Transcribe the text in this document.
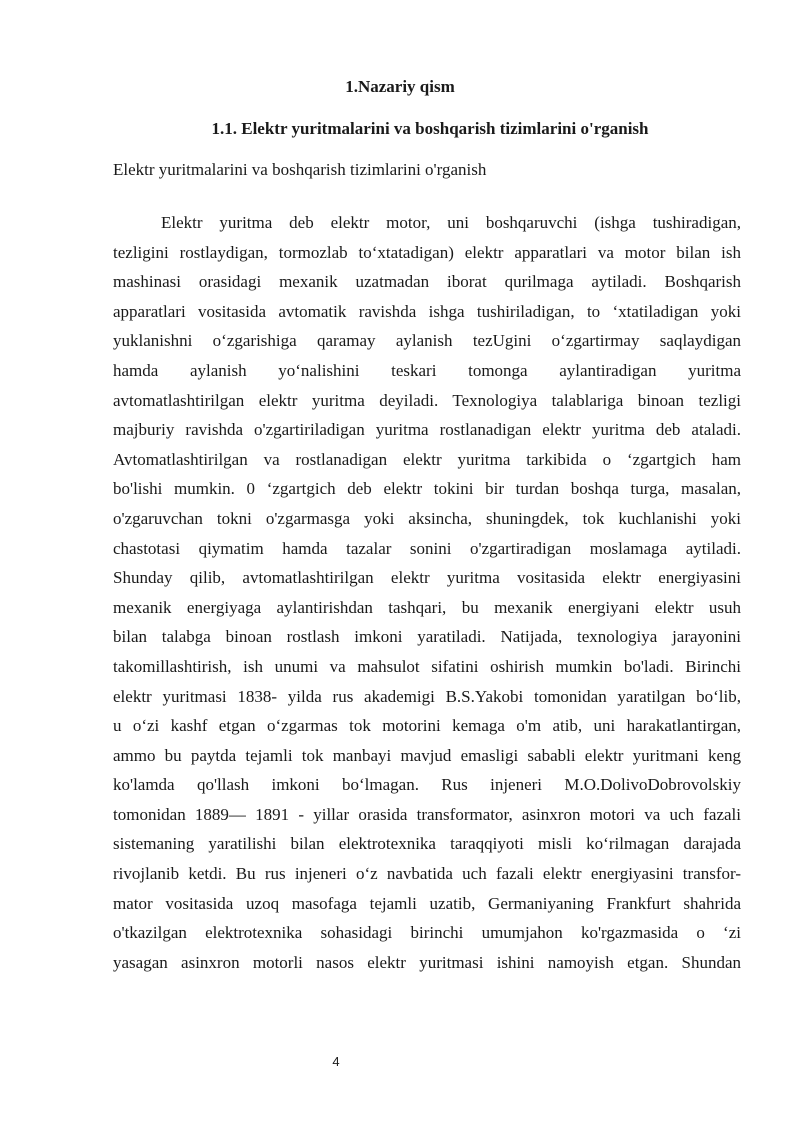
1.Nazariy qism
1.1. Elektr yuritmalarini va boshqarish tizimlarini o'rganish
Elektr yuritmalarini va boshqarish tizimlarini o'rganish
Elektr yuritma deb elektr motor, uni boshqaruvchi (ishga tushiradigan,
tezligini rostlaydigan, tormozlab to‘xtatadigan) elektr apparatlari va motor bilan ish
mashinasi orasidagi mexanik uzatmadan iborat qurilmaga aytiladi. Boshqarish
apparatlari vositasida avtomatik ravishda ishga tushiriladigan, to ‘xtatiladigan yoki
yuklanishni o‘zgarishiga qaramay aylanish tezUgini o‘zgartirmay saqlaydigan
hamda aylanish yo‘nalishini teskari tomonga aylantiradigan yuritma
avtomatlashtirilgan elektr yuritma deyiladi. Texnologiya talablariga binoan tezligi
majburiy ravishda o'zgartiriladigan yuritma rostlanadigan elektr yuritma deb ataladi.
Avtomatlashtirilgan va rostlanadigan elektr yuritma tarkibida o ‘zgartgich ham
bo'lishi mumkin. 0 ‘zgartgich deb elektr tokini bir turdan boshqa turga, masalan,
o'zgaruvchan tokni o'zgarmasga yoki aksincha, shuningdek, tok kuchlanishi yoki
chastotasi qiymatim hamda tazalar sonini o'zgartiradigan moslamaga aytiladi.
Shunday qilib, avtomatlashtirilgan elektr yuritma vositasida elektr energiyasini
mexanik energiyaga aylantirishdan tashqari, bu mexanik energiyani elektr usuh
bilan talabga binoan rostlash imkoni yaratiladi. Natijada, texnologiya jarayonini
takomillashtirish, ish unumi va mahsulot sifatini oshirish mumkin bo'ladi. Birinchi
elektr yuritmasi 1838- yilda rus akademigi B.S.Yakobi tomonidan yaratilgan bo‘lib,
u o‘zi kashf etgan o‘zgarmas tok motorini kemaga o'm atib, uni harakatlantirgan,
ammo bu paytda tejamli tok manbayi mavjud emasligi sababli elektr yuritmani keng
ko'lamda qo'llash imkoni bo‘lmagan. Rus injeneri M.O.DolivoDobrovolskiy
tomonidan 1889— 1891 - yillar orasida transformator, asinxron motori va uch fazali
sistemaning yaratilishi bilan elektrotexnika taraqqiyoti misli ko‘rilmagan darajada
rivojlanib ketdi. Bu rus injeneri o‘z navbatida uch fazali elektr energiyasini transfor-
mator vositasida uzoq masofaga tejamli uzatib, Germaniyaning Frankfurt shahrida
o'tkazilgan elektrotexnika sohasidagi birinchi umumjahon ko'rgazmasida o ‘zi
yasagan asinxron motorli nasos elektr yuritmasi ishini namoyish etgan. Shundan
4
